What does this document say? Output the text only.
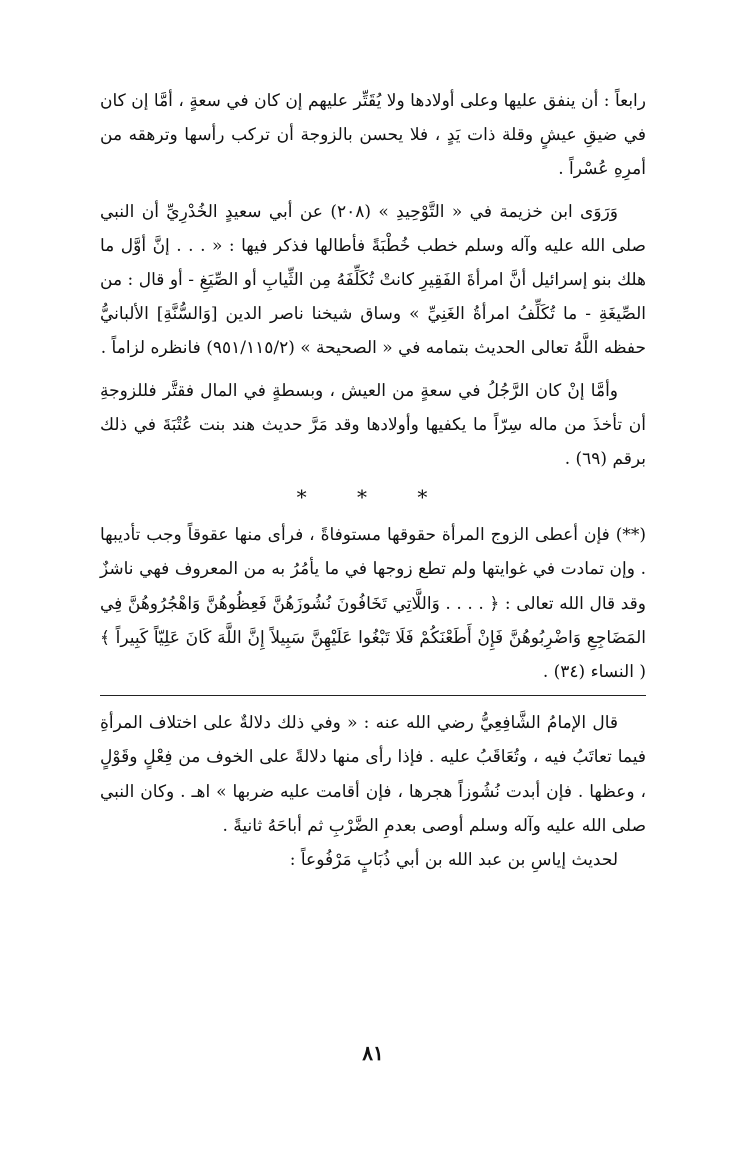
رابعاً : أن ينفق عليها وعلى أولادها ولا يُقَتِّر عليهم إن كان في سعةٍ ، أمَّا إن كان في ضيقِ عيشٍ وقلة ذات يَدٍ ، فلا يحسن بالزوجة أن تركب رأسها وترهقه من أمرِهِ عُسْراً .

وَرَوَى ابن خزيمة في « التَّوْحِيدِ » (٢٠٨) عن أبي سعيدٍ الخُدْرِيِّ أن النبي صلى الله عليه وآله وسلم خطب خُطْبَةً فأطالها فذكر فيها : « . . . إنَّ أوَّل ما هلك بنو إسرائيل أنَّ امرأةَ الفَقِيرِ كانتْ تُكَلِّفَهُ مِن الثِّيابِ أو الصِّيَغِ - أو قال : من الصِّيغَةِ - ما تُكَلِّفُ امرأةُ الغَنِيِّ » وساق شيخنا ناصر الدين [وَالسُّنَّةِ] الألبانيُّ حفظه اللَّهُ تعالى الحديث بتمامه في « الصحيحة » (٩٥١/١١٥/٢) فانظره لزاماً .

وأمَّا إنْ كان الرَّجُلُ في سعةٍ من العيش ، وبسطةٍ في المال فقتَّر فللزوجةِ أن تأخذَ من ماله سِرّاً ما يكفيها وأولادها وقد مَرَّ حديث هند بنت عُتْبَةَ في ذلك برقم (٦٩) .

* * *

(**) فإن أعطى الزوج المرأة حقوقها مستوفاةً ، فرأى منها عقوقاً وجب تأديبها . وإن تمادت في غوايتها ولم تطع زوجها في ما يأمُرُ به من المعروف فهي ناشزٌ وقد قال الله تعالى : ﴿ . . . . وَاللَّاتِي تَخَافُونَ نُشُوزَهُنَّ فَعِظُوهُنَّ وَاهْجُرُوهُنَّ فِي المَضَاجِعِ وَاضْرِبُوهُنَّ فَإِنْ أَطَعْنَكُمْ فَلَا تَبْغُوا عَلَيْهِنَّ سَبِيلاً إِنَّ اللَّهَ كَانَ عَلِيّاً كَبِيراً ﴾ ( النساء (٣٤) .

قال الإمامُ الشَّافِعِيُّ رضي الله عنه : « وفي ذلك دلالةٌ على اختلاف المرأةِ فيما تعاتَبُ فيه ، وتُعَاقَبُ عليه . فإذا رأى منها دلالةً على الخوف من فِعْلٍ وقَوْلٍ ، وعظها . فإن أبدت نُشُوزاً هجرها ، فإن أقامت عليه ضربها » اهـ . وكان النبي صلى الله عليه وآله وسلم أوصى بعدمِ الضَّرْبِ ثم أباحَهُ ثانيةً .

لحديث إياسِ بن عبد الله بن أبي ذُبَابٍ مَرْفُوعاً :

٨١
